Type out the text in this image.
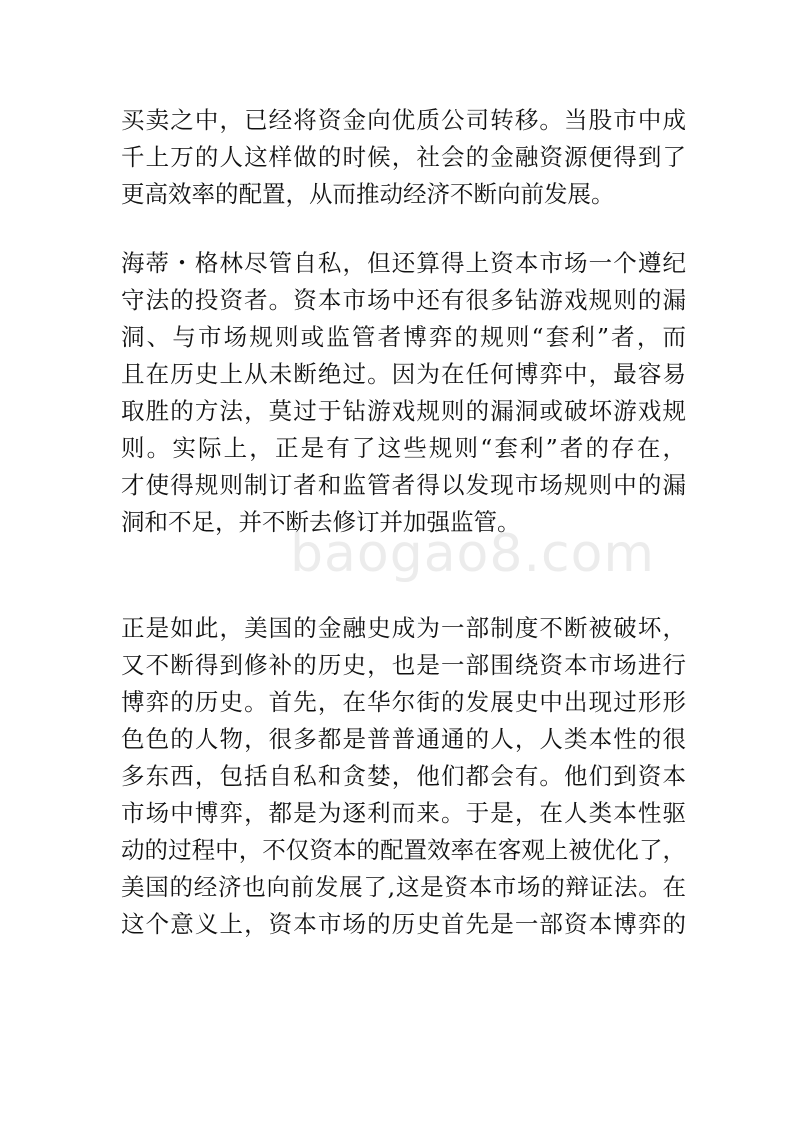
买卖之中，已经将资金向优质公司转移。当股市中成
千上万的人这样做的时候，社会的金融资源便得到了
更高效率的配置，从而推动经济不断向前发展。
海蒂・格林尽管自私，但还算得上资本市场一个遵纪
守法的投资者。资本市场中还有很多钻游戏规则的漏
洞、与市场规则或监管者博弈的规则“套利”者，而
且在历史上从未断绝过。因为在任何博弈中，最容易
取胜的方法，莫过于钻游戏规则的漏洞或破坏游戏规
则。实际上，正是有了这些规则“套利”者的存在，
才使得规则制订者和监管者得以发现市场规则中的漏
洞和不足，并不断去修订并加强监管。
baogao8.com
正是如此，美国的金融史成为一部制度不断被破坏，
又不断得到修补的历史，也是一部围绕资本市场进行
博弈的历史。首先，在华尔街的发展史中出现过形形
色色的人物，很多都是普普通通的人，人类本性的很
多东西，包括自私和贪婪，他们都会有。他们到资本
市场中博弈，都是为逐利而来。于是，在人类本性驱
动的过程中，不仅资本的配置效率在客观上被优化了，
美国的经济也向前发展了,这是资本市场的辩证法。在
这个意义上，资本市场的历史首先是一部资本博弈的
